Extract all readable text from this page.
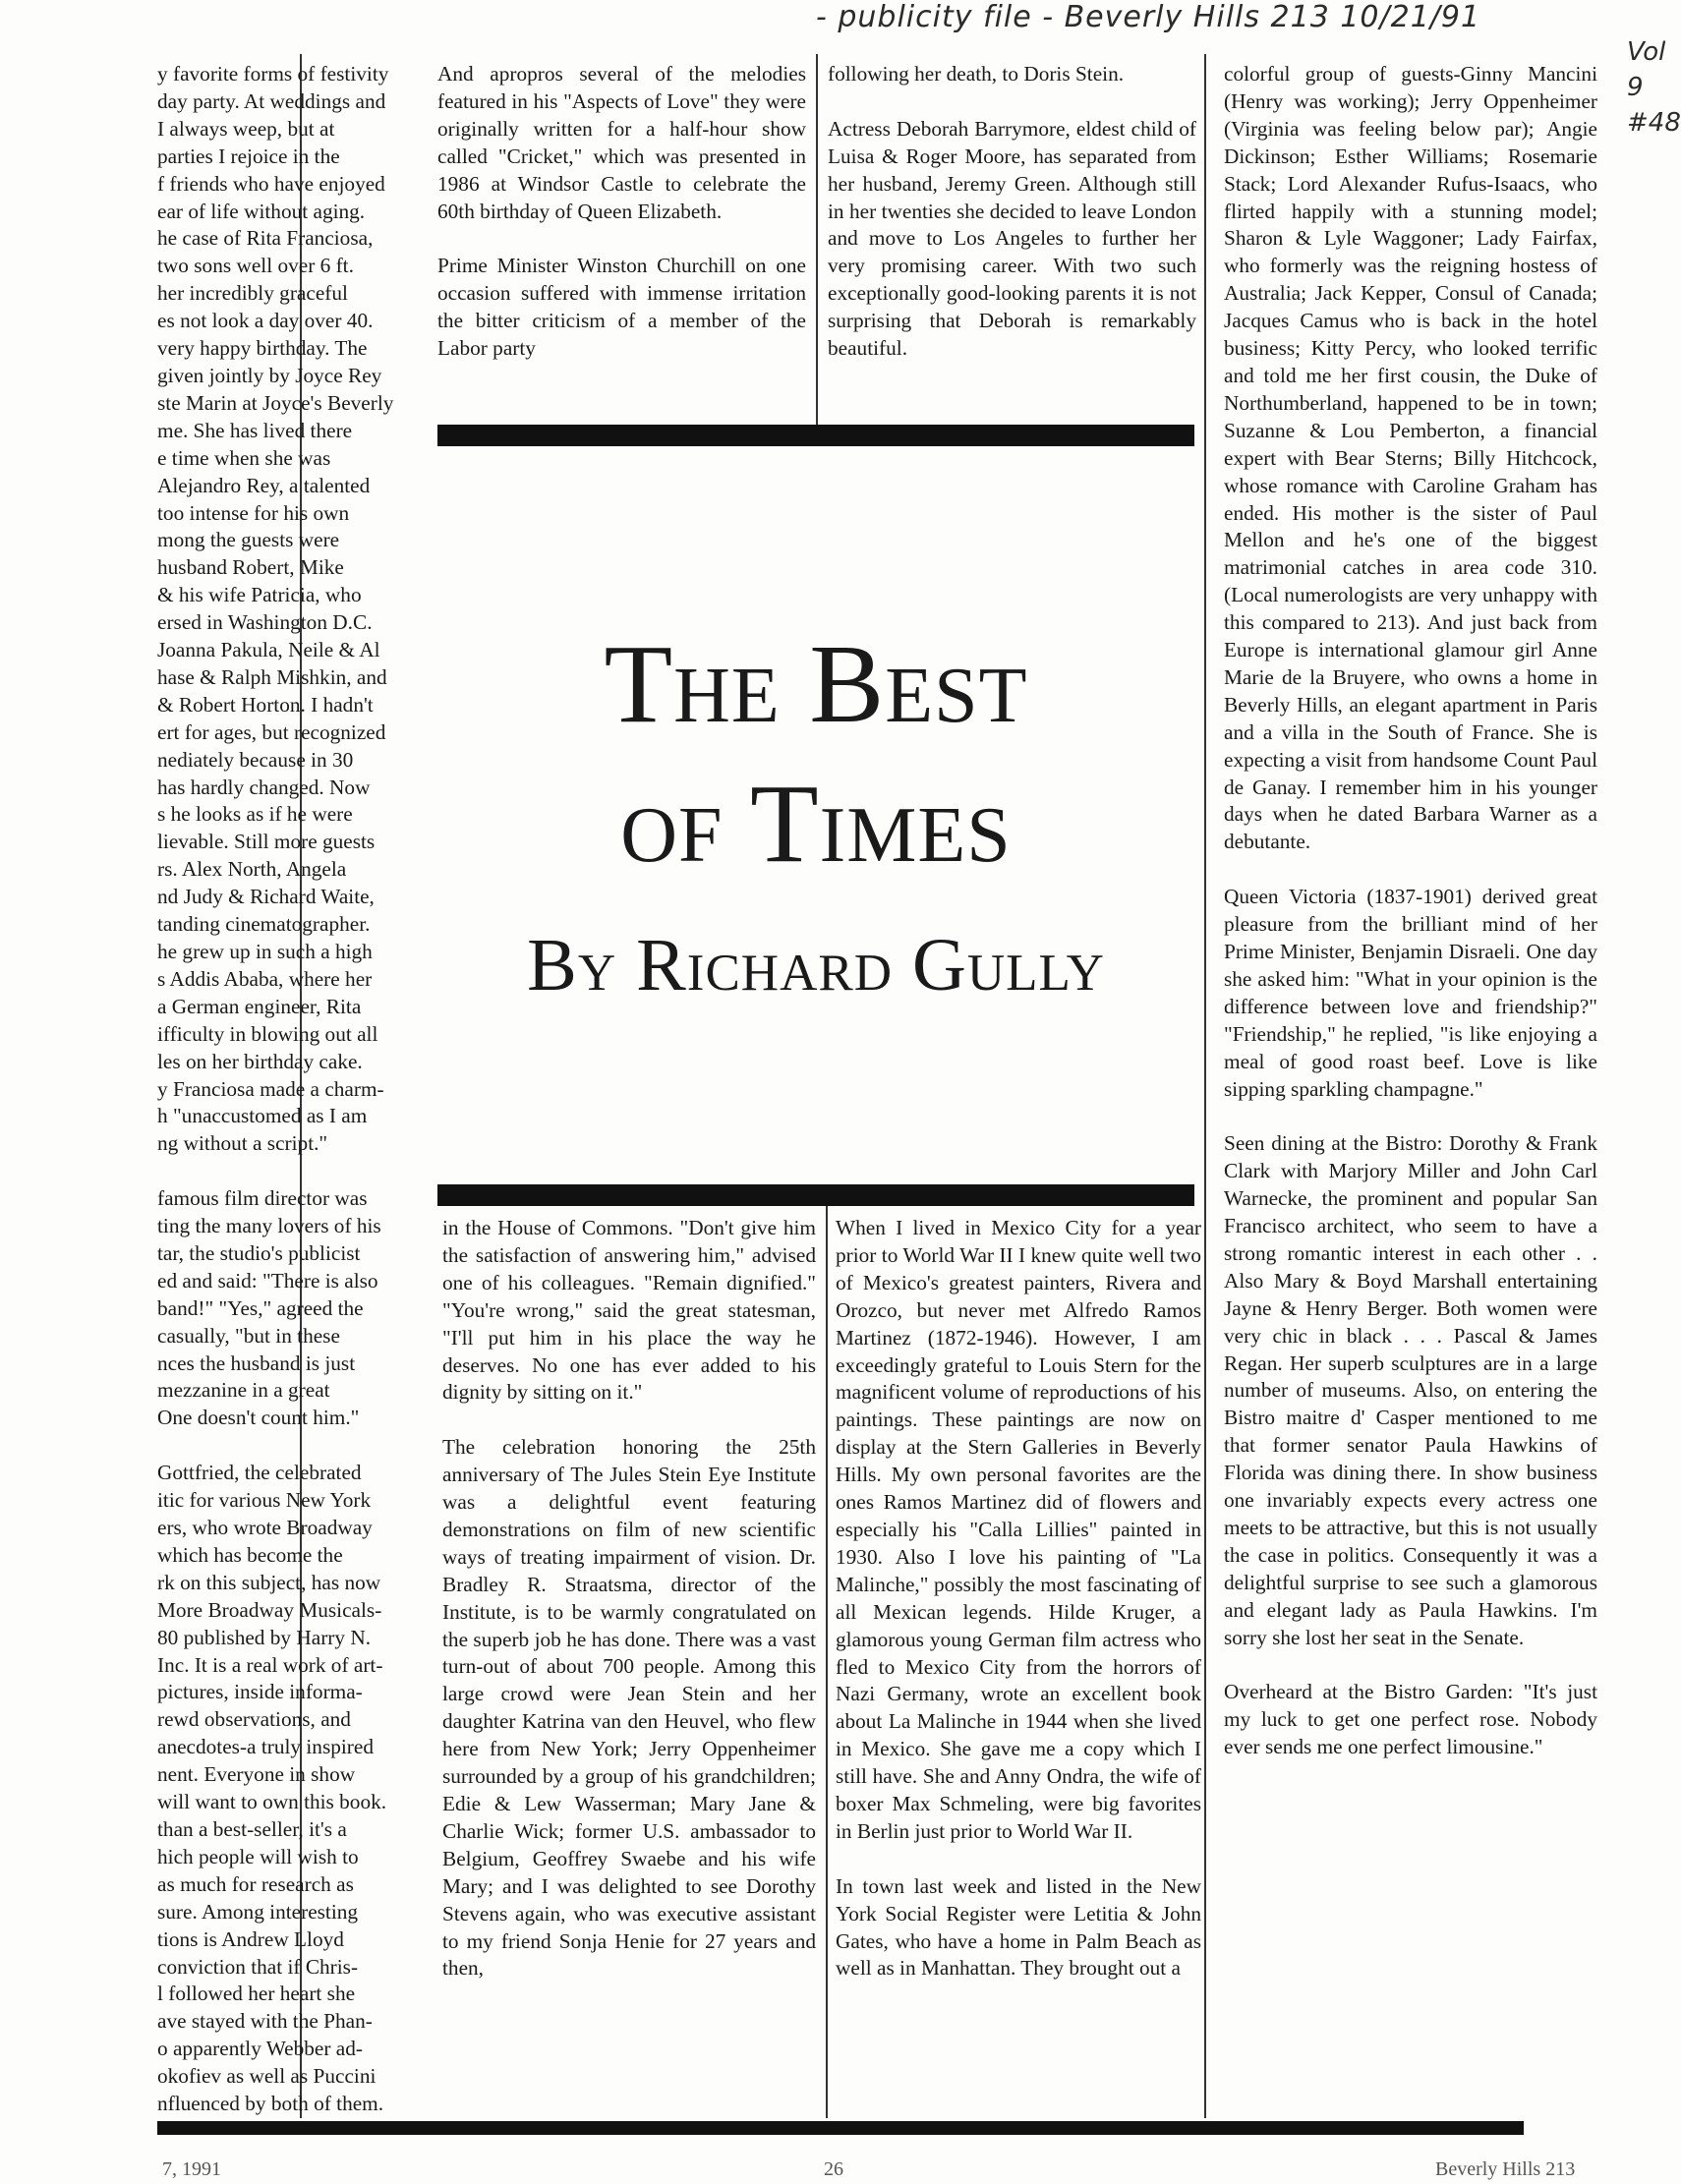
- publicity file - Beverly Hills 213 10/21/91
Vol 9
#48
y favorite forms of festivity
day party. At weddings and
I always weep, but at
parties I rejoice in the
f friends who have enjoyed
ear of life without aging.
he case of Rita Franciosa,
two sons well over 6 ft.
her incredibly graceful
es not look a day over 40.
very happy birthday. The
given jointly by Joyce Rey
ste Marin at Joyce's Beverly
me. She has lived there
e time when she was
Alejandro Rey, a talented
too intense for his own
mong the guests were
husband Robert, Mike
& his wife Patricia, who
ersed in Washington D.C.
Joanna Pakula, Neile & Al
hase & Ralph Mishkin, and
& Robert Horton. I hadn't
ert for ages, but recognized
nediately because in 30
has hardly changed. Now
s he looks as if he were
lievable. Still more guests
rs. Alex North, Angela
nd Judy & Richard Waite,
tanding cinematographer.
he grew up in such a high
s Addis Ababa, where her
a German engineer, Rita
ifficulty in blowing out all
les on her birthday cake.
y Franciosa made a charm-
h "unaccustomed as I am
ng without a script."
famous film director was
ting the many lovers of his
tar, the studio's publicist
ed and said: "There is also
band!" "Yes," agreed the
casually, "but in these
nces the husband is just
mezzanine in a great
One doesn't count him."
Gottfried, the celebrated
itic for various New York
ers, who wrote Broadway
which has become the
rk on this subject, has now
More Broadway Musicals-
80 published by Harry N.
Inc. It is a real work of art-
pictures, inside informa-
rewd observations, and
anecdotes-a truly inspired
nent. Everyone in show
will want to own this book.
than a best-seller, it's a
hich people will wish to
as much for research as
sure. Among interesting
tions is Andrew Lloyd
conviction that if Chris-
l followed her heart she
ave stayed with the Phan-
o apparently Webber ad-
okofiev as well as Puccini
nfluenced by both of them.

And apropros several of the melodies featured in his "Aspects of Love" they were originally written for a half-hour show called "Cricket," which was presented in 1986 at Windsor Castle to celebrate the 60th birthday of Queen Elizabeth.

Prime Minister Winston Churchill on one occasion suffered with immense irritation the bitter criticism of a member of the Labor party

following her death, to Doris Stein.

Actress Deborah Barrymore, eldest child of Luisa & Roger Moore, has separated from her husband, Jeremy Green. Although still in her twenties she decided to leave London and move to Los Angeles to further her very promising career. With two such exceptionally good-looking parents it is not surprising that Deborah is remarkably beautiful.

The Best
of Times
By Richard Gully

in the House of Commons. "Don't give him the satisfaction of answering him," advised one of his colleagues. "Remain dignified." "You're wrong," said the great statesman, "I'll put him in his place the way he deserves. No one has ever added to his dignity by sitting on it."

The celebration honoring the 25th anniversary of The Jules Stein Eye Institute was a delightful event featuring demonstrations on film of new scientific ways of treating impairment of vision. Dr. Bradley R. Straatsma, director of the Institute, is to be warmly congratulated on the superb job he has done. There was a vast turn-out of about 700 people. Among this large crowd were Jean Stein and her daughter Katrina van den Heuvel, who flew here from New York; Jerry Oppenheimer surrounded by a group of his grandchildren; Edie & Lew Wasserman; Mary Jane & Charlie Wick; former U.S. ambassador to Belgium, Geoffrey Swaebe and his wife Mary; and I was delighted to see Dorothy Stevens again, who was executive assistant to my friend Sonja Henie for 27 years and then,

When I lived in Mexico City for a year prior to World War II I knew quite well two of Mexico's greatest painters, Rivera and Orozco, but never met Alfredo Ramos Martinez (1872-1946). However, I am exceedingly grateful to Louis Stern for the magnificent volume of reproductions of his paintings. These paintings are now on display at the Stern Galleries in Beverly Hills. My own personal favorites are the ones Ramos Martinez did of flowers and especially his "Calla Lillies" painted in 1930. Also I love his painting of "La Malinche," possibly the most fascinating of all Mexican legends. Hilde Kruger, a glamorous young German film actress who fled to Mexico City from the horrors of Nazi Germany, wrote an excellent book about La Malinche in 1944 when she lived in Mexico. She gave me a copy which I still have. She and Anny Ondra, the wife of boxer Max Schmeling, were big favorites in Berlin just prior to World War II.

In town last week and listed in the New York Social Register were Letitia & John Gates, who have a home in Palm Beach as well as in Manhattan. They brought out a

colorful group of guests-Ginny Mancini (Henry was working); Jerry Oppenheimer (Virginia was feeling below par); Angie Dickinson; Esther Williams; Rosemarie Stack; Lord Alexander Rufus-Isaacs, who flirted happily with a stunning model; Sharon & Lyle Waggoner; Lady Fairfax, who formerly was the reigning hostess of Australia; Jack Kepper, Consul of Canada; Jacques Camus who is back in the hotel business; Kitty Percy, who looked terrific and told me her first cousin, the Duke of Northumberland, happened to be in town; Suzanne & Lou Pemberton, a financial expert with Bear Sterns; Billy Hitchcock, whose romance with Caroline Graham has ended. His mother is the sister of Paul Mellon and he's one of the biggest matrimonial catches in area code 310. (Local numerologists are very unhappy with this compared to 213). And just back from Europe is international glamour girl Anne Marie de la Bruyere, who owns a home in Beverly Hills, an elegant apartment in Paris and a villa in the South of France. She is expecting a visit from handsome Count Paul de Ganay. I remember him in his younger days when he dated Barbara Warner as a debutante.

Queen Victoria (1837-1901) derived great pleasure from the brilliant mind of her Prime Minister, Benjamin Disraeli. One day she asked him: "What in your opinion is the difference between love and friendship?" "Friendship," he replied, "is like enjoying a meal of good roast beef. Love is like sipping sparkling champagne."

Seen dining at the Bistro: Dorothy & Frank Clark with Marjory Miller and John Carl Warnecke, the prominent and popular San Francisco architect, who seem to have a strong romantic interest in each other . . Also Mary & Boyd Marshall entertaining Jayne & Henry Berger. Both women were very chic in black . . . Pascal & James Regan. Her superb sculptures are in a large number of museums. Also, on entering the Bistro maitre d' Casper mentioned to me that former senator Paula Hawkins of Florida was dining there. In show business one invariably expects every actress one meets to be attractive, but this is not usually the case in politics. Consequently it was a delightful surprise to see such a glamorous and elegant lady as Paula Hawkins. I'm sorry she lost her seat in the Senate.

Overheard at the Bistro Garden: "It's just my luck to get one perfect rose. Nobody ever sends me one perfect limousine."

7, 1991	26	Beverly Hills 213
